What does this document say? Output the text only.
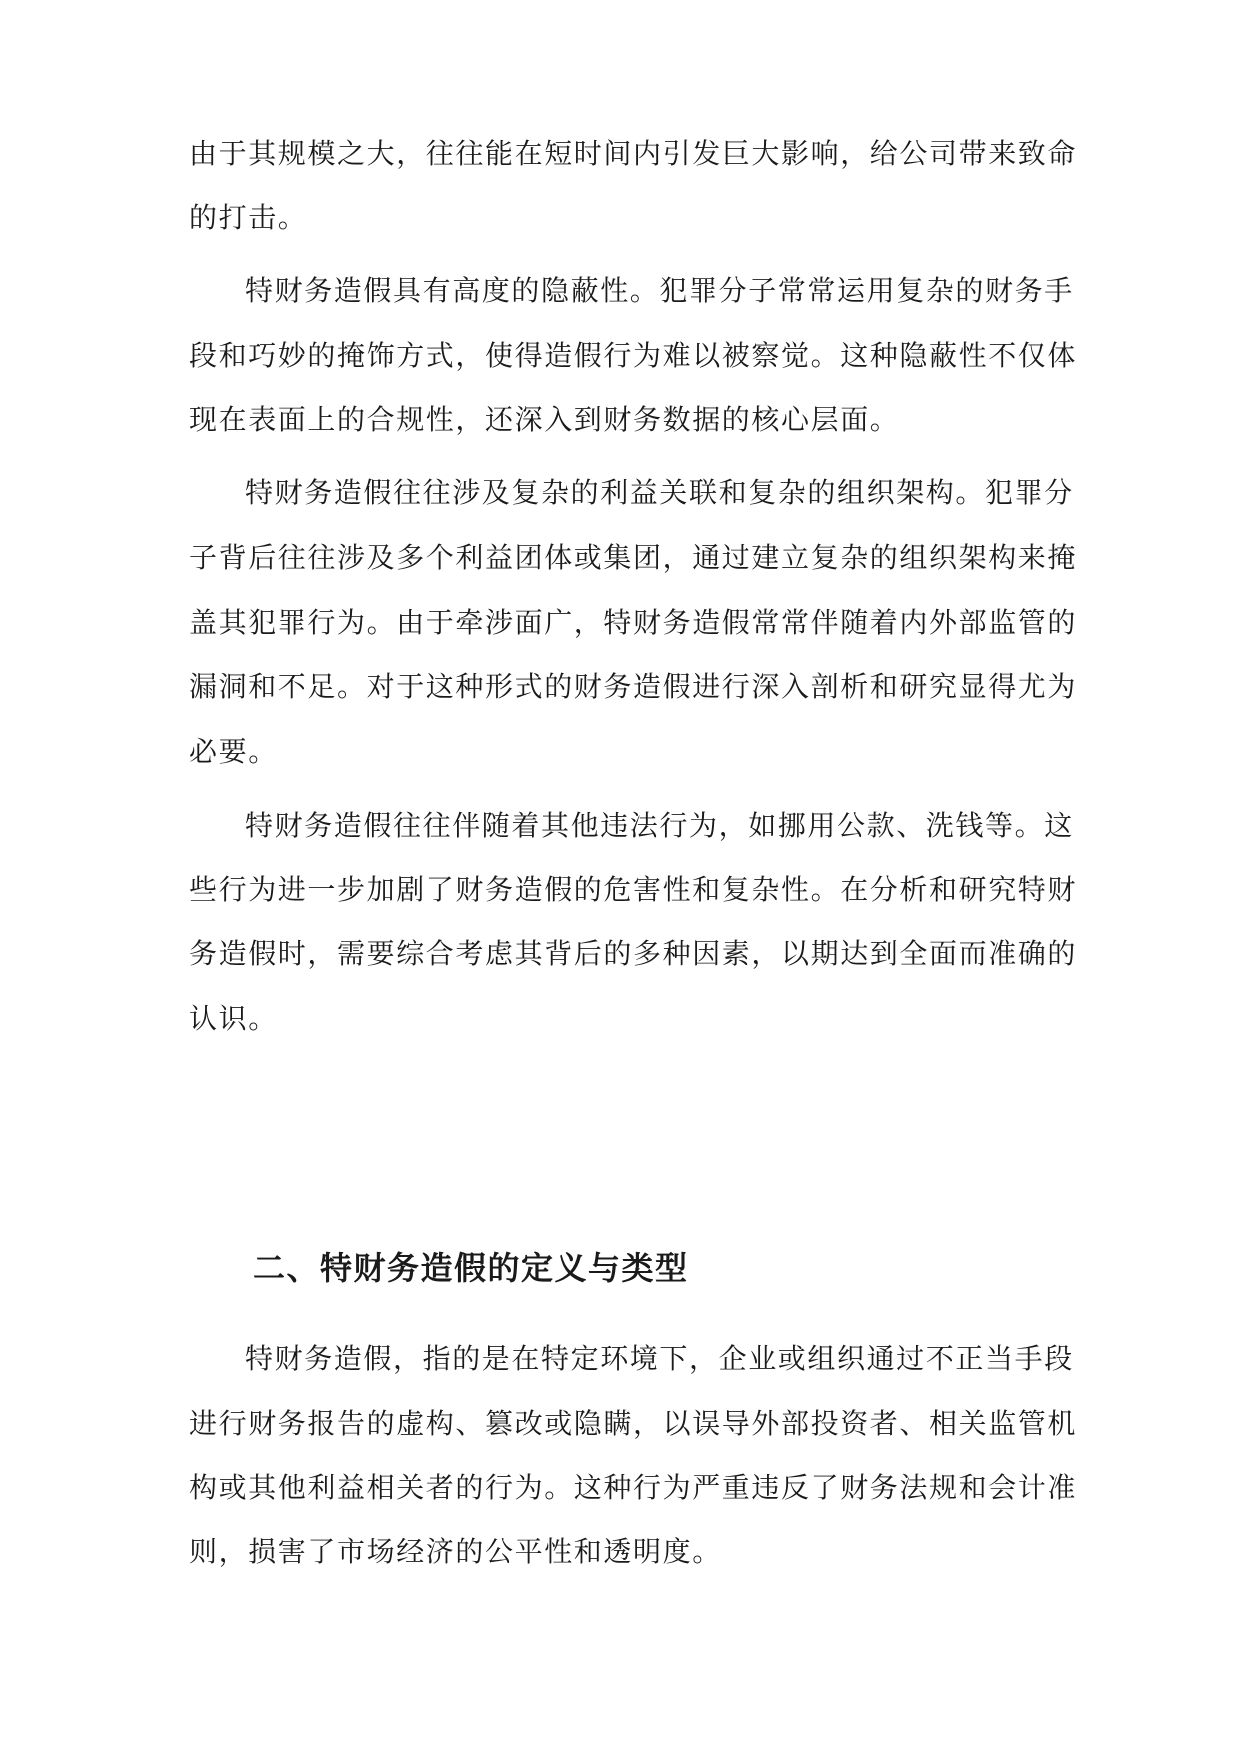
由于其规模之大，往往能在短时间内引发巨大影响，给公司带来致命
的打击。
特财务造假具有高度的隐蔽性。犯罪分子常常运用复杂的财务手
段和巧妙的掩饰方式，使得造假行为难以被察觉。这种隐蔽性不仅体
现在表面上的合规性，还深入到财务数据的核心层面。
特财务造假往往涉及复杂的利益关联和复杂的组织架构。犯罪分
子背后往往涉及多个利益团体或集团，通过建立复杂的组织架构来掩
盖其犯罪行为。由于牵涉面广，特财务造假常常伴随着内外部监管的
漏洞和不足。对于这种形式的财务造假进行深入剖析和研究显得尤为
必要。
特财务造假往往伴随着其他违法行为，如挪用公款、洗钱等。这
些行为进一步加剧了财务造假的危害性和复杂性。在分析和研究特财
务造假时，需要综合考虑其背后的多种因素，以期达到全面而准确的
认识。
二、特财务造假的定义与类型
特财务造假，指的是在特定环境下，企业或组织通过不正当手段
进行财务报告的虚构、篡改或隐瞒，以误导外部投资者、相关监管机
构或其他利益相关者的行为。这种行为严重违反了财务法规和会计准
则，损害了市场经济的公平性和透明度。
